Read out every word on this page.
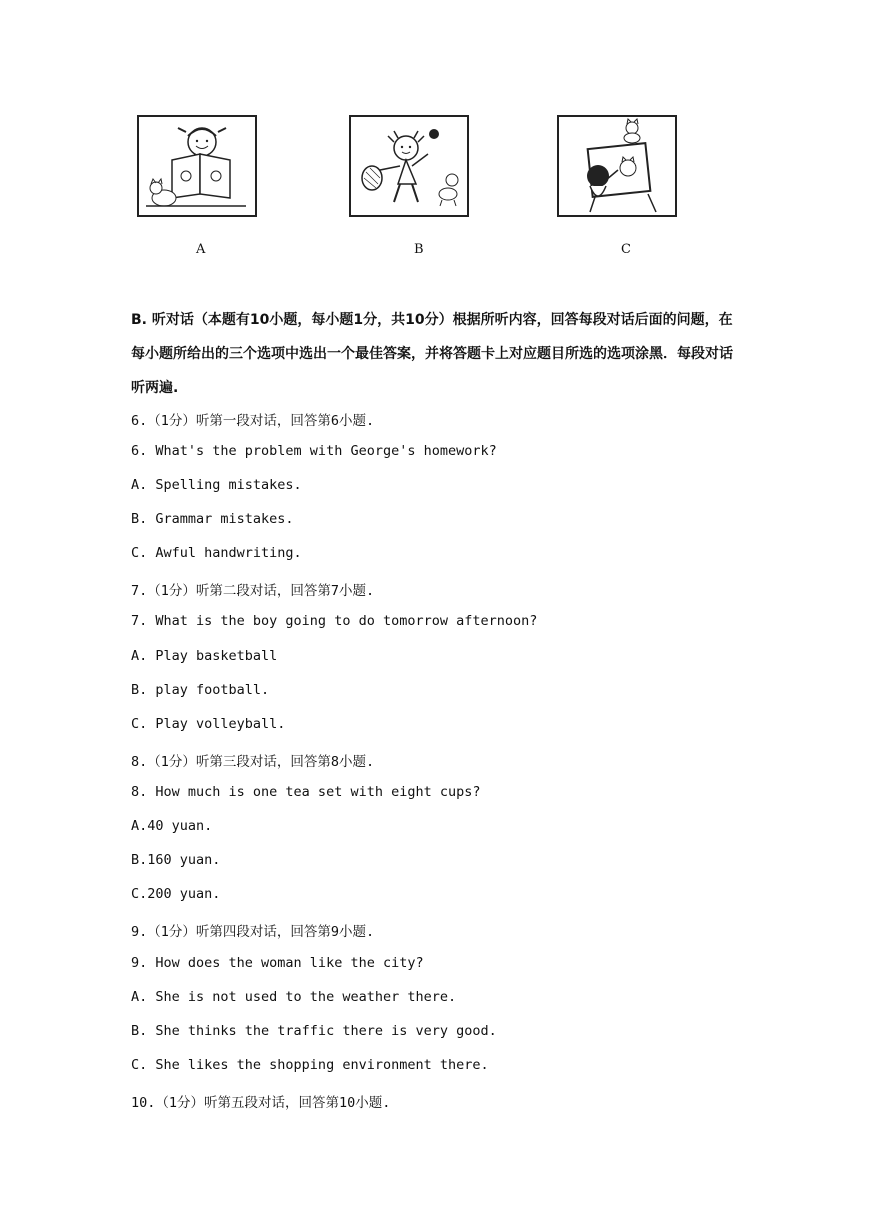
A	B	C
B. 听对话（本题有10小题，每小题1分，共10分）根据所听内容，回答每段对话后面的问题，在每小题所给出的三个选项中选出一个最佳答案，并将答题卡上对应题目所选的选项涂黑．每段对话听两遍.
6.（1分）听第一段对话，回答第6小题.
6. What's the problem with George's homework?
A. Spelling mistakes.
B. Grammar mistakes.
C. Awful handwriting.
7.（1分）听第二段对话，回答第7小题.
7. What is the boy going to do tomorrow afternoon?
A. Play basketball
B. play football.
C. Play volleyball.
8.（1分）听第三段对话，回答第8小题.
8. How much is one tea set with eight cups?
A.40 yuan.
B.160 yuan.
C.200 yuan.
9.（1分）听第四段对话，回答第9小题.
9. How does the woman like the city?
A. She is not used to the weather there.
B. She thinks the traffic there is very good.
C. She likes the shopping environment there.
10.（1分）听第五段对话，回答第10小题.
